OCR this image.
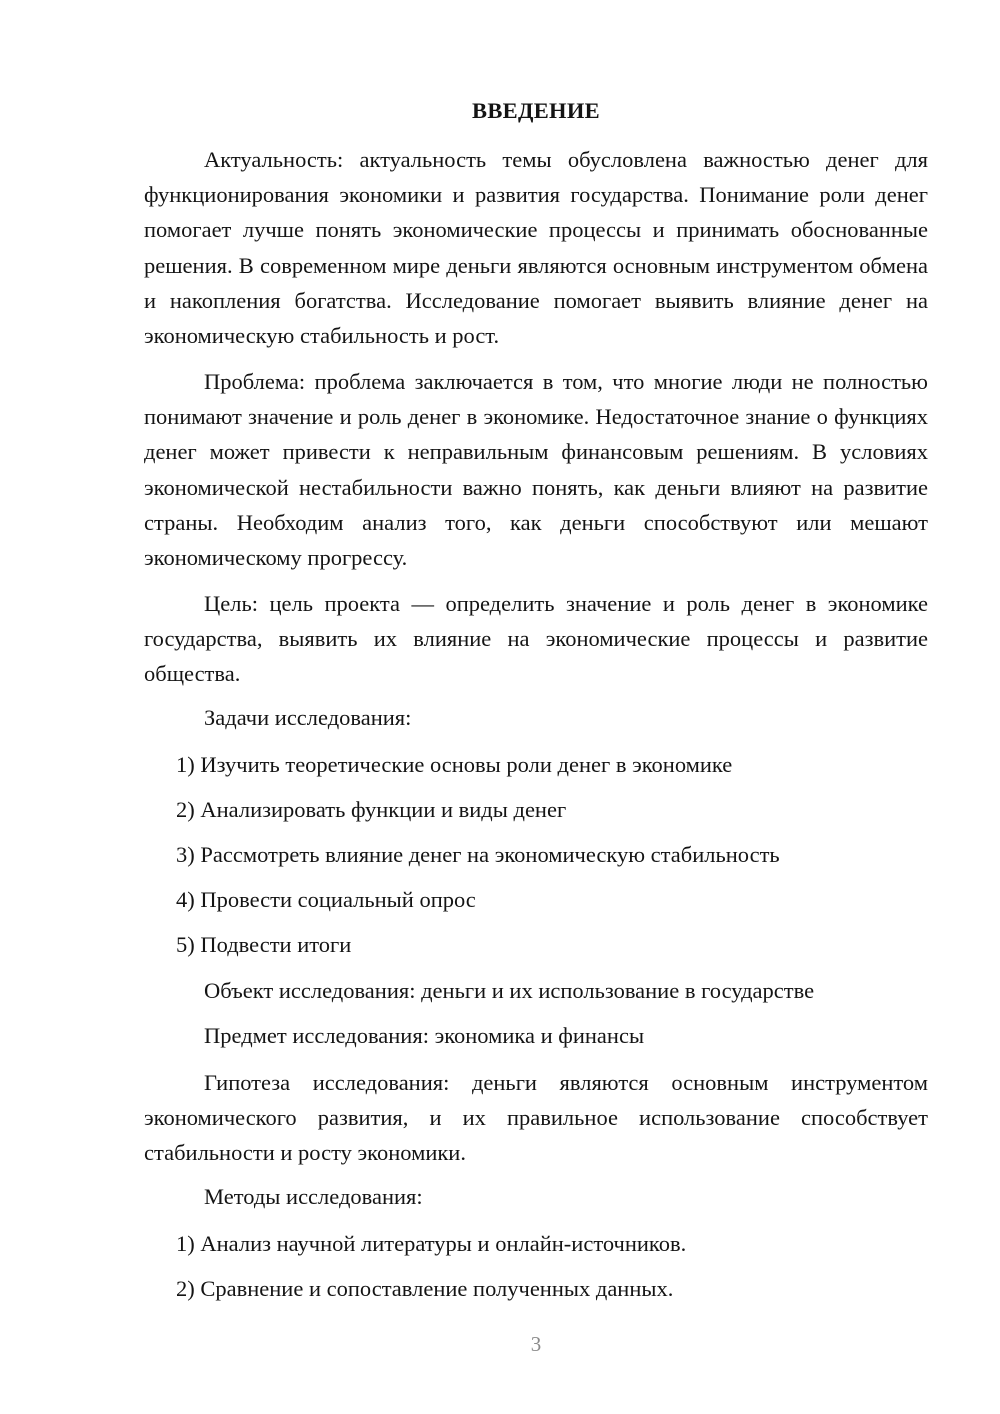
ВВЕДЕНИЕ

Актуальность: актуальность темы обусловлена важностью денег для функционирования экономики и развития государства. Понимание роли денег помогает лучше понять экономические процессы и принимать обоснованные решения. В современном мире деньги являются основным инструментом обмена и накопления богатства. Исследование помогает выявить влияние денег на экономическую стабильность и рост.

Проблема: проблема заключается в том, что многие люди не полностью понимают значение и роль денег в экономике. Недостаточное знание о функциях денег может привести к неправильным финансовым решениям. В условиях экономической нестабильности важно понять, как деньги влияют на развитие страны. Необходим анализ того, как деньги способствуют или мешают экономическому прогрессу.

Цель: цель проекта — определить значение и роль денег в экономике государства, выявить их влияние на экономические процессы и развитие общества.

Задачи исследования:
1) Изучить теоретические основы роли денег в экономике
2) Анализировать функции и виды денег
3) Рассмотреть влияние денег на экономическую стабильность
4) Провести социальный опрос
5) Подвести итоги
Объект исследования: деньги и их использование в государстве
Предмет исследования: экономика и финансы

Гипотеза исследования: деньги являются основным инструментом экономического развития, и их правильное использование способствует стабильности и росту экономики.

Методы исследования:
1) Анализ научной литературы и онлайн-источников.
2) Сравнение и сопоставление полученных данных.
3
